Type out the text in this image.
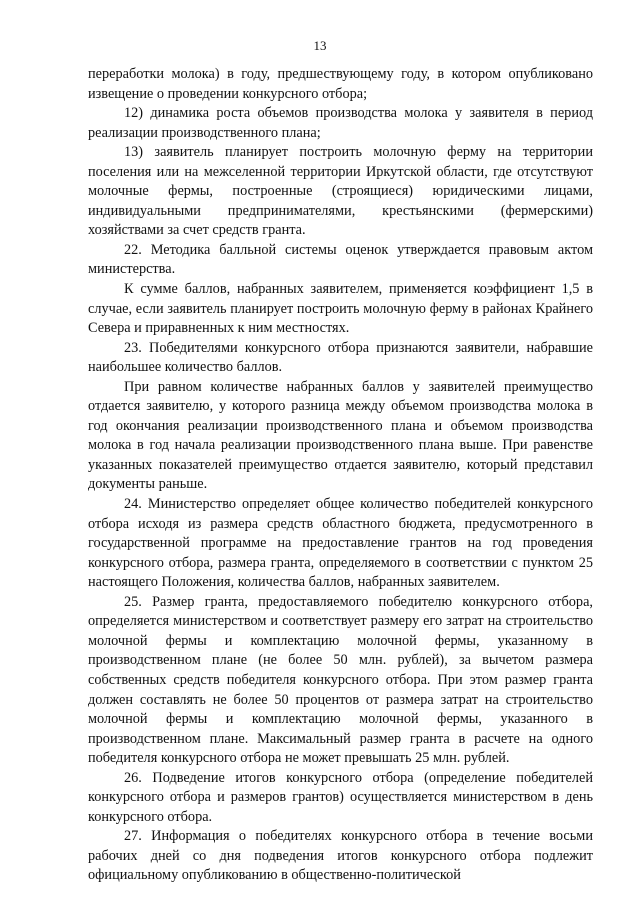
13

переработки молока) в году, предшествующему году, в котором опубликовано извещение о проведении конкурсного отбора;

12) динамика роста объемов производства молока у заявителя в период реализации производственного плана;

13) заявитель планирует построить молочную ферму на территории поселения или на межселенной территории Иркутской области, где отсутствуют молочные фермы, построенные (строящиеся) юридическими лицами, индивидуальными предпринимателями, крестьянскими (фермерскими) хозяйствами за счет средств гранта.

22. Методика балльной системы оценок утверждается правовым актом министерства.

К сумме баллов, набранных заявителем, применяется коэффициент 1,5 в случае, если заявитель планирует построить молочную ферму в районах Крайнего Севера и приравненных к ним местностях.

23. Победителями конкурсного отбора признаются заявители, набравшие наибольшее количество баллов.

При равном количестве набранных баллов у заявителей преимущество отдается заявителю, у которого разница между объемом производства молока в год окончания реализации производственного плана и объемом производства молока в год начала реализации производственного плана выше. При равенстве указанных показателей преимущество отдается заявителю, который представил документы раньше.

24. Министерство определяет общее количество победителей конкурсного отбора исходя из размера средств областного бюджета, предусмотренного в государственной программе на предоставление грантов на год проведения конкурсного отбора, размера гранта, определяемого в соответствии с пунктом 25 настоящего Положения, количества баллов, набранных заявителем.

25. Размер гранта, предоставляемого победителю конкурсного отбора, определяется министерством и соответствует размеру его затрат на строительство молочной фермы и комплектацию молочной фермы, указанному в производственном плане (не более 50 млн. рублей), за вычетом размера собственных средств победителя конкурсного отбора. При этом размер гранта должен составлять не более 50 процентов от размера затрат на строительство молочной фермы и комплектацию молочной фермы, указанного в производственном плане. Максимальный размер гранта в расчете на одного победителя конкурсного отбора не может превышать 25 млн. рублей.

26. Подведение итогов конкурсного отбора (определение победителей конкурсного отбора и размеров грантов) осуществляется министерством в день конкурсного отбора.

27. Информация о победителях конкурсного отбора в течение восьми рабочих дней со дня подведения итогов конкурсного отбора подлежит официальному опубликованию в общественно-политической
